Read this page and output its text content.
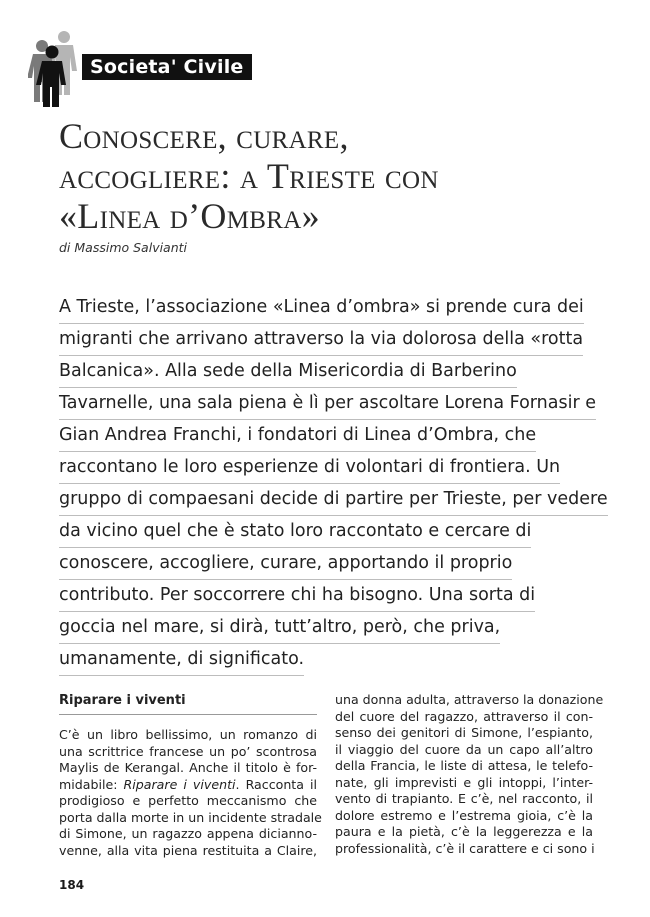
Societa' Civile
Conoscere, curare,
accogliere: a Trieste con
«Linea d’Ombra»
di Massimo Salvianti
A Trieste, l’associazione «Linea d’ombra» si prende cura dei
migranti che arrivano attraverso la via dolorosa della «rotta
Balcanica». Alla sede della Misericordia di Barberino
Tavarnelle, una sala piena è lì per ascoltare Lorena Fornasir e
Gian Andrea Franchi, i fondatori di Linea d’Ombra, che
raccontano le loro esperienze di volontari di frontiera. Un
gruppo di compaesani decide di partire per Trieste, per vedere
da vicino quel che è stato loro raccontato e cercare di
conoscere, accogliere, curare, apportando il proprio
contributo. Per soccorrere chi ha bisogno. Una sorta di
goccia nel mare, si dirà, tutt’altro, però, che priva,
umanamente, di significato.
Riparare i viventi
C’è un libro bellissimo, un romanzo di
una scrittrice francese un po’ scontrosa
Maylis de Kerangal. Anche il titolo è for-
midabile: Riparare i viventi. Racconta il
prodigioso e perfetto meccanismo che
porta dalla morte in un incidente stradale
di Simone, un ragazzo appena dicianno-
venne, alla vita piena restituita a Claire,
una donna adulta, attraverso la donazione
del cuore del ragazzo, attraverso il con-
senso dei genitori di Simone, l’espianto,
il viaggio del cuore da un capo all’altro
della Francia, le liste di attesa, le telefo-
nate, gli imprevisti e gli intoppi, l’inter-
vento di trapianto. E c’è, nel racconto, il
dolore estremo e l’estrema gioia, c’è la
paura e la pietà, c’è la leggerezza e la
professionalità, c’è il carattere e ci sono i
184
